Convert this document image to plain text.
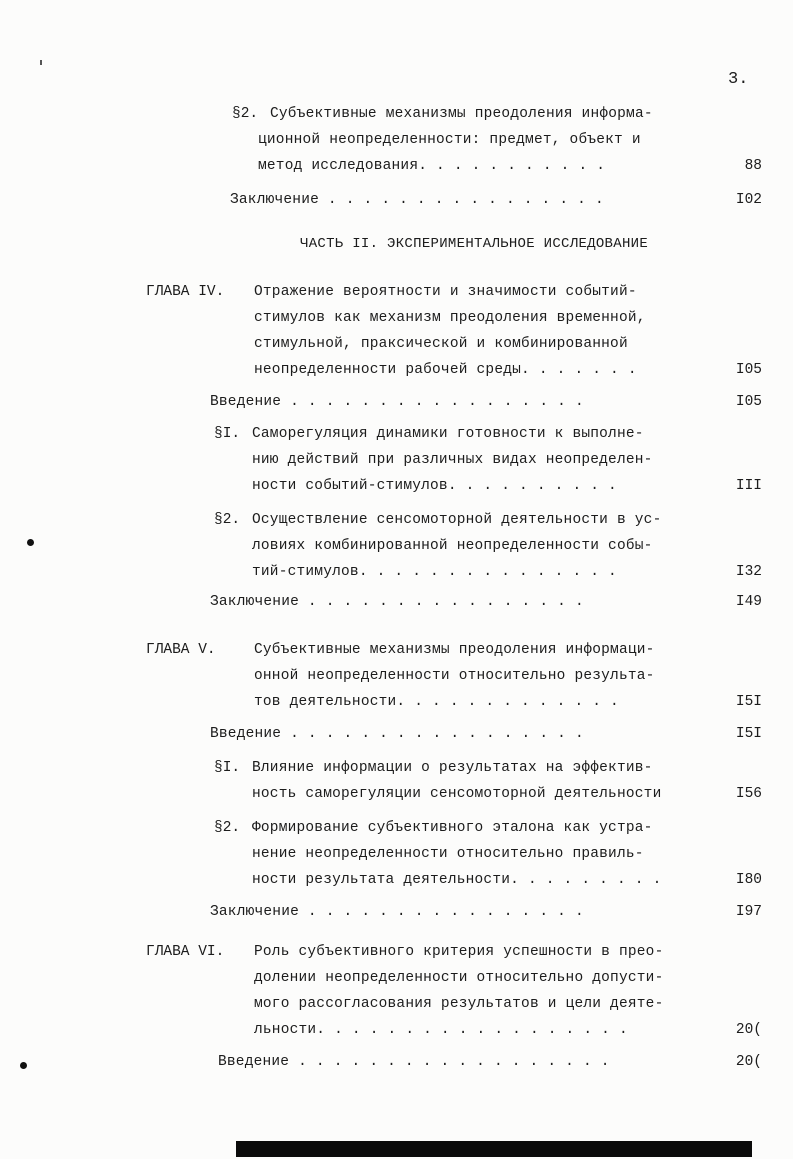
3.
§2. Субъективные механизмы преодоления информа-
ционной неопределенности: предмет, объект и
метод исследования. . . . . . . . . . .	88
Заключение . . . . . . . . . . . . . . . .	I02
ЧАСТЬ II. ЭКСПЕРИМЕНТАЛЬНОЕ ИССЛЕДОВАНИЕ
ГЛАВА IV. Отражение вероятности и значимости событий-
стимулов как механизм преодоления временной,
стимульной, праксической и комбинированной
неопределенности рабочей среды. . . . . . .	I05
Введение . . . . . . . . . . . . . . . . .	I05
§I. Саморегуляция динамики готовности к выполне-
нию действий при различных видах неопределен-
ности событий-стимулов. . . . . . . . . .	III
§2. Осуществление сенсомоторной деятельности в ус-
ловиях комбинированной неопределенности собы-
тий-стимулов. . . . . . . . . . . . . . .	I32
Заключение . . . . . . . . . . . . . . . .	I49
ГЛАВА V.	Субъективные механизмы преодоления информаци-
онной неопределенности относительно результа-
тов деятельности. . . . . . . . . . . . .	I5I
Введение . . . . . . . . . . . . . . . . .	I5I
§I. Влияние информации о результатах на эффектив-
ность саморегуляции сенсомоторной деятельности	I56
§2. Формирование субъективного эталона как устра-
нение неопределенности относительно правиль-
ности результата деятельности. . . . . . . . .	I80
Заключение . . . . . . . . . . . . . . . .	I97
ГЛАВА VI. Роль субъективного критерия успешности в прео-
долении неопределенности относительно допусти-
мого рассогласования результатов и цели деяте-
льности. . . . . . . . . . . . . . . . . .	20(
Введение . . . . . . . . . . . . . . . . . .	20(
